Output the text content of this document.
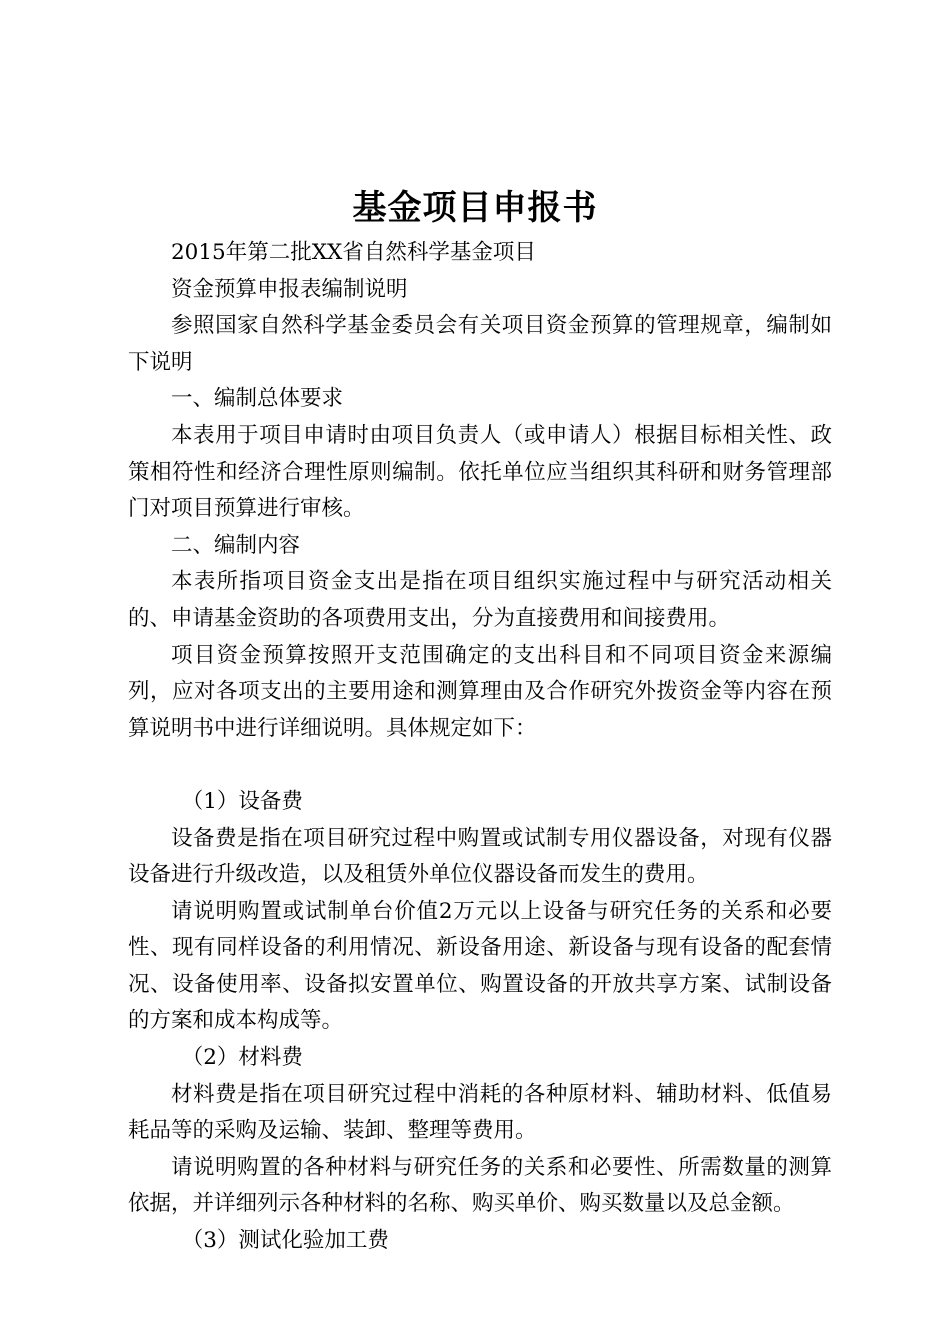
基金项目申报书

2015年第二批XX省自然科学基金项目

资金预算申报表编制说明

参照国家自然科学基金委员会有关项目资金预算的管理规章，编制如下说明

一、编制总体要求

本表用于项目申请时由项目负责人（或申请人）根据目标相关性、政策相符性和经济合理性原则编制。依托单位应当组织其科研和财务管理部门对项目预算进行审核。

二、编制内容

本表所指项目资金支出是指在项目组织实施过程中与研究活动相关的、申请基金资助的各项费用支出，分为直接费用和间接费用。

项目资金预算按照开支范围确定的支出科目和不同项目资金来源编列，应对各项支出的主要用途和测算理由及合作研究外拨资金等内容在预算说明书中进行详细说明。具体规定如下：

（1）设备费

设备费是指在项目研究过程中购置或试制专用仪器设备，对现有仪器设备进行升级改造，以及租赁外单位仪器设备而发生的费用。

请说明购置或试制单台价值2万元以上设备与研究任务的关系和必要性、现有同样设备的利用情况、新设备用途、新设备与现有设备的配套情况、设备使用率、设备拟安置单位、购置设备的开放共享方案、试制设备的方案和成本构成等。

（2）材料费

材料费是指在项目研究过程中消耗的各种原材料、辅助材料、低值易耗品等的采购及运输、装卸、整理等费用。

请说明购置的各种材料与研究任务的关系和必要性、所需数量的测算依据，并详细列示各种材料的名称、购买单价、购买数量以及总金额。

（3）测试化验加工费
